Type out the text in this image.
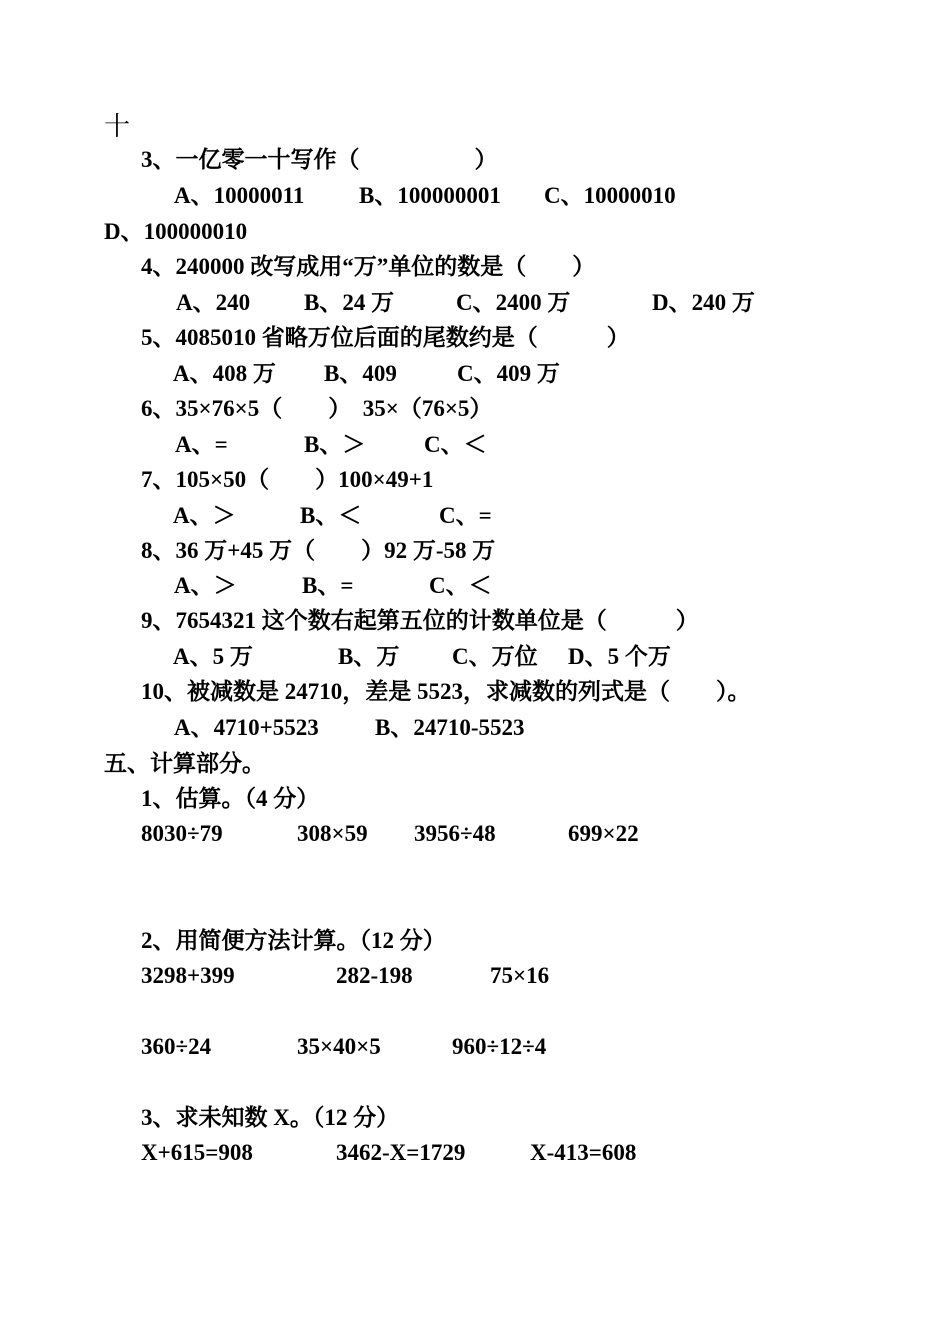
十
3、一亿零一十写作（　　　　　）
A、10000011 B、100000001 C、10000010
D、100000010
4、240000 改写成用“万”单位的数是（　　）
A、240 B、24 万	C、2400 万	D、240 万
5、4085010 省略万位后面的尾数约是（　　　）
A、408 万 B、409	C、409 万
6、35×76×5（　　）　35×（76×5）
A、=	B、＞	C、＜
7、105×50（　　）100×49+1
A、＞	B、＜	C、=
8、36 万+45 万（　　）92 万-58 万
A、＞	B、=	C、＜
9、7654321 这个数右起第五位的计数单位是（　　　）
A、5 万	B、万 C、万位 D、5 个万
10、被减数是 24710，差是 5523，求减数的列式是（　　）。
A、4710+5523 B、24710-5523
五、计算部分。
1、估算。（4 分）
8030÷79	308×59 3956÷48	699×22
2、用简便方法计算。（12 分）
3298+399	282-198	75×16
360÷24	35×40×5	960÷12÷4
3、求未知数 X。（12 分）
X+615=908	3462-X=1729	X-413=608
